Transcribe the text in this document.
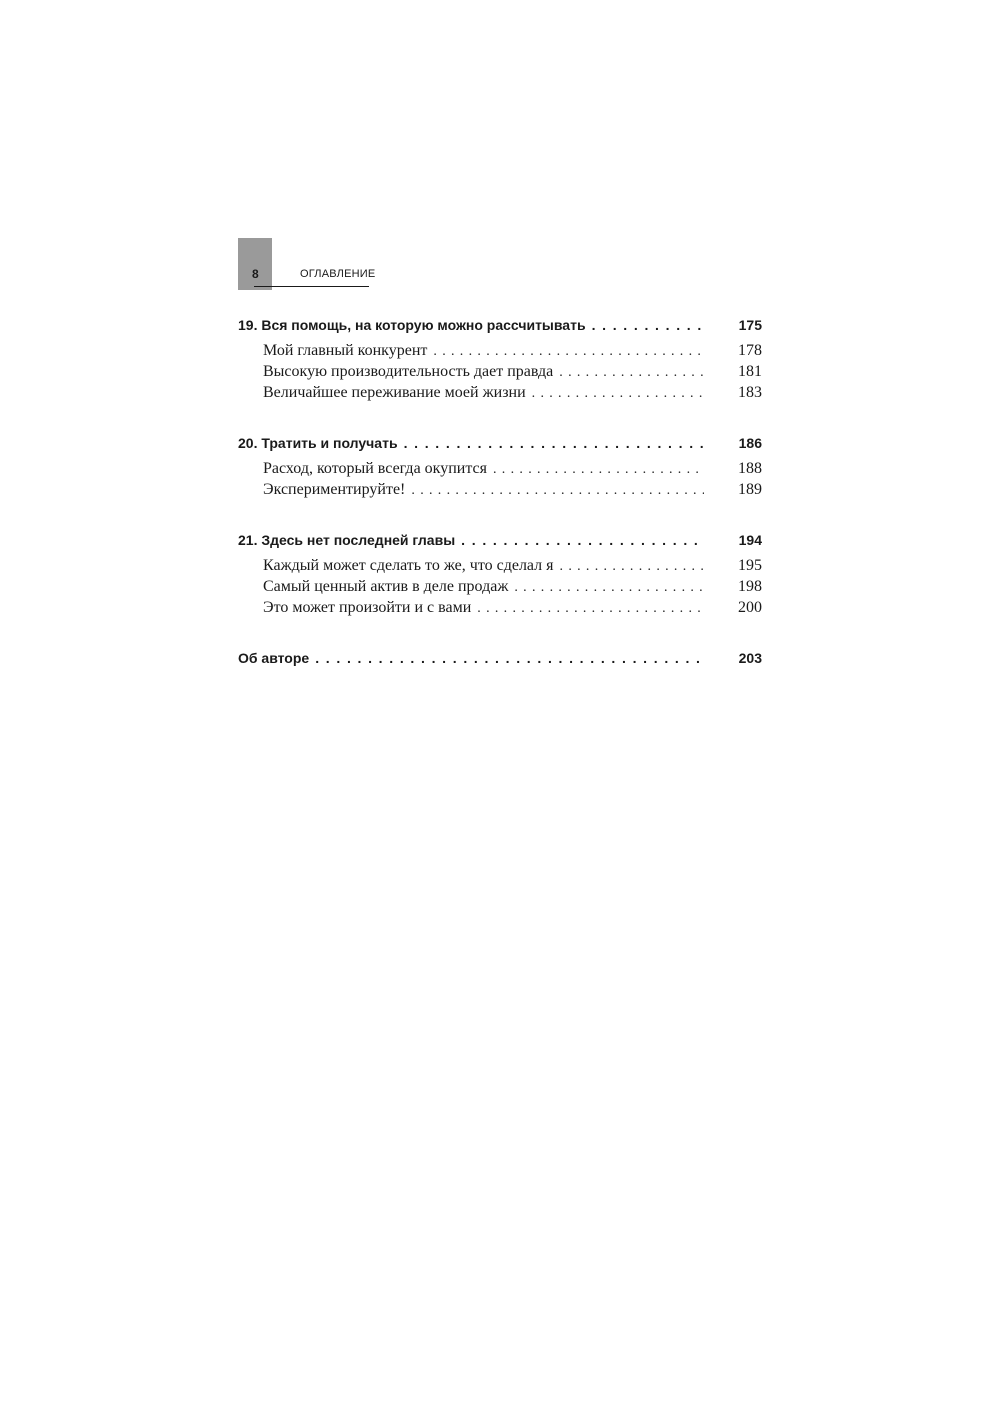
8	ОГЛАВЛЕНИЕ
19. Вся помощь, на которую можно рассчитывать . . .	175
Мой главный конкурент . . .	178
Высокую производительность дает правда . . .	181
Величайшее переживание моей жизни . . .	183
20. Тратить и получать . . .	186
Расход, который всегда окупится . . .	188
Экспериментируйте! . . .	189
21. Здесь нет последней главы . . .	194
Каждый может сделать то же, что сделал я . . .	195
Самый ценный актив в деле продаж . . .	198
Это может произойти и с вами . . .	200
Об авторе . . .	203
